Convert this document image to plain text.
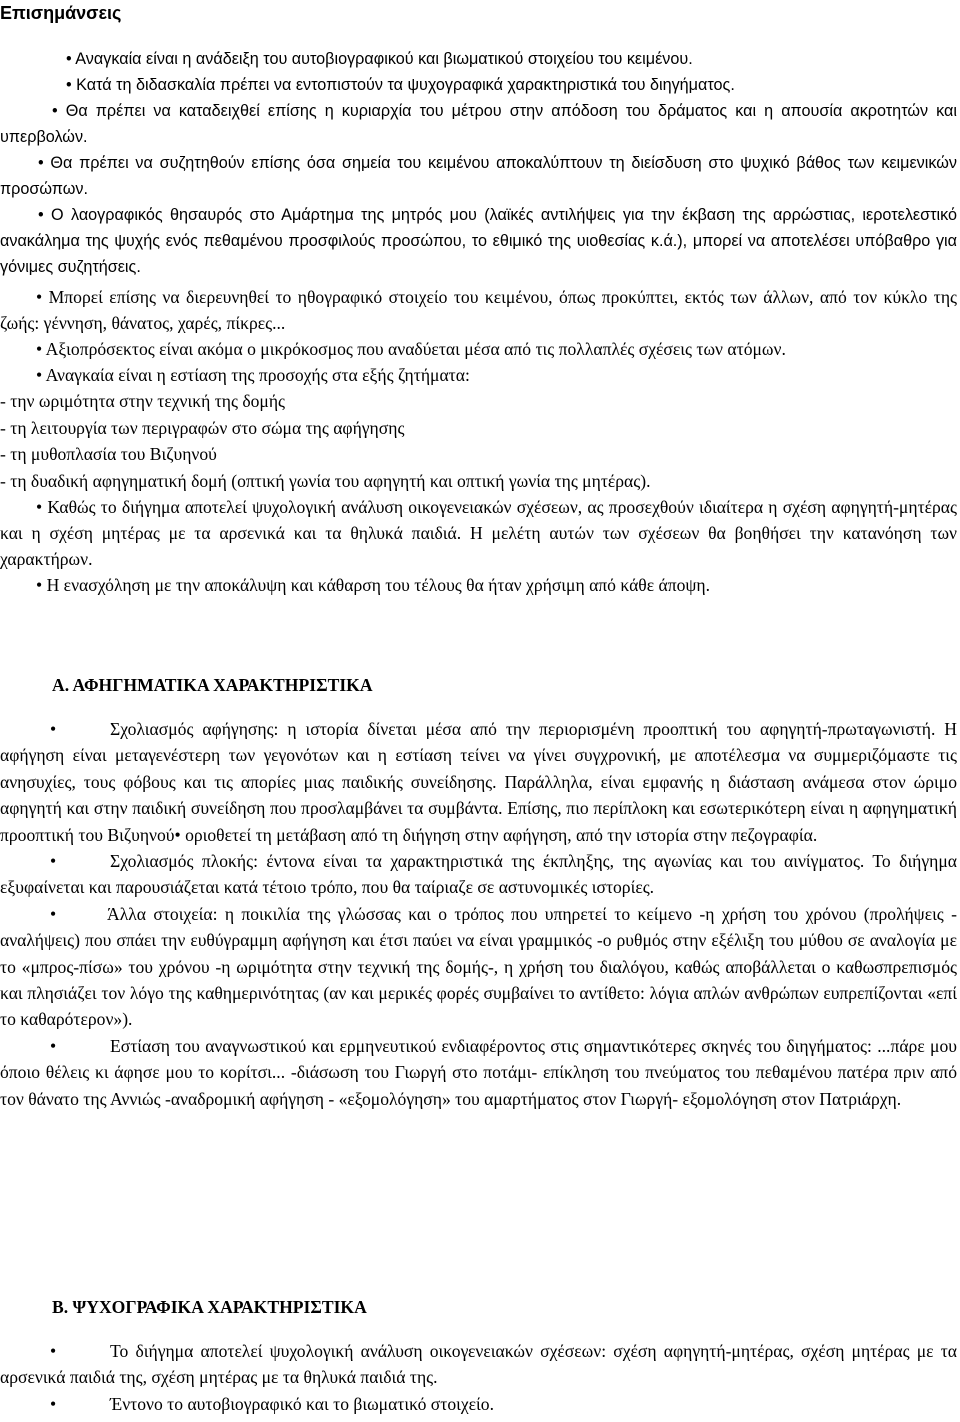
Επισημάνσεις

• Αναγκαία είναι η ανάδειξη του αυτοβιογραφικού και βιωματικού στοιχείου του κειμένου.

• Κατά τη διδασκαλία πρέπει να εντοπιστούν τα ψυχογραφικά χαρακτηριστικά του διηγήματος.

• Θα πρέπει να καταδειχθεί επίσης η κυριαρχία του μέτρου στην απόδοση του δράματος και η απουσία ακροτητών και υπερβολών.

• Θα πρέπει να συζητηθούν επίσης όσα σημεία του κειμένου αποκαλύπτουν τη διείσδυση στο ψυχικό βάθος των κειμενικών προσώπων.

• Ο λαογραφικός θησαυρός στο Αμάρτημα της μητρός μου (λαϊκές αντιλήψεις για την έκβαση της αρρώστιας, ιεροτελεστικό ανακάλημα της ψυχής ενός πεθαμένου προσφιλούς προσώπου, το εθιμικό της υιοθεσίας κ.ά.), μπορεί να αποτελέσει υπόβαθρο για γόνιμες συζητήσεις.

• Μπορεί επίσης να διερευνηθεί το ηθογραφικό στοιχείο του κειμένου, όπως προκύπτει, εκτός των άλλων, από τον κύκλο της ζωής: γέννηση, θάνατος, χαρές, πίκρες...

• Αξιοπρόσεκτος είναι ακόμα ο μικρόκοσμος που αναδύεται μέσα από τις πολλαπλές σχέσεις των ατόμων.

• Αναγκαία είναι η εστίαση της προσοχής στα εξής ζητήματα:

- την ωριμότητα στην τεχνική της δομής

- τη λειτουργία των περιγραφών στο σώμα της αφήγησης

- τη μυθοπλασία του Βιζυηνού

- τη δυαδική αφηγηματική δομή (οπτική γωνία του αφηγητή και οπτική γωνία της μητέρας).

• Καθώς το διήγημα αποτελεί ψυχολογική ανάλυση οικογενειακών σχέσεων, ας προσεχθούν ιδιαίτερα η σχέση αφηγητή-μητέρας και η σχέση μητέρας με τα αρσενικά και τα θηλυκά παιδιά. Η μελέτη αυτών των σχέσεων θα βοηθήσει την κατανόηση των χαρακτήρων.

• Η ενασχόληση με την αποκάλυψη και κάθαρση του τέλους θα ήταν χρήσιμη από κάθε άποψη.

Α. ΑΦΗΓΗΜΑΤΙΚΑ ΧΑΡΑΚΤΗΡΙΣΤΙΚΑ

•	Σχολιασμός αφήγησης: η ιστορία δίνεται μέσα από την περιορισμένη προοπτική του αφηγητή-πρωταγωνιστή. Η αφήγηση είναι μεταγενέστερη των γεγονότων και η εστίαση τείνει να γίνει συγχρονική, με αποτέλεσμα να συμμεριζόμαστε τις ανησυχίες, τους φόβους και τις απορίες μιας παιδικής συνείδησης. Παράλληλα, είναι εμφανής η διάσταση ανάμεσα στον ώριμο αφηγητή και στην παιδική συνείδηση που προσλαμβάνει τα συμβάντα. Επίσης, πιο περίπλοκη και εσωτερικότερη είναι η αφηγηματική προοπτική του Βιζυηνού• οριοθετεί τη μετάβαση από τη διήγηση στην αφήγηση, από την ιστορία στην πεζογραφία.

•	Σχολιασμός πλοκής: έντονα είναι τα χαρακτηριστικά της έκπληξης, της αγωνίας και του αινίγματος. Το διήγημα εξυφαίνεται και παρουσιάζεται κατά τέτοιο τρόπο, που θα ταίριαζε σε αστυνομικές ιστορίες.

•	Άλλα στοιχεία: η ποικιλία της γλώσσας και ο τρόπος που υπηρετεί το κείμενο -η χρήση του χρόνου (προλήψεις - αναλήψεις) που σπάει την ευθύγραμμη αφήγηση και έτσι παύει να είναι γραμμικός -ο ρυθμός στην εξέλιξη του μύθου σε αναλογία με το «μπρος-πίσω» του χρόνου -η ωριμότητα στην τεχνική της δομής-, η χρήση του διαλόγου, καθώς αποβάλλεται ο καθωσπρεπισμός και πλησιάζει τον λόγο της καθημερινότητας (αν και μερικές φορές συμβαίνει το αντίθετο: λόγια απλών ανθρώπων ευπρεπίζονται «επί το καθαρότερον»).

•	Εστίαση του αναγνωστικού και ερμηνευτικού ενδιαφέροντος στις σημαντικότερες σκηνές του διηγήματος: ...πάρε μου όποιο θέλεις κι άφησε μου το κορίτσι... -διάσωση του Γιωργή στο ποτάμι- επίκληση του πνεύματος του πεθαμένου πατέρα πριν από τον θάνατο της Αννιώς -αναδρομική αφήγηση - «εξομολόγηση» του αμαρτήματος στον Γιωργή- εξομολόγηση στον Πατριάρχη.

Β. ΨΥΧΟΓΡΑΦΙΚΑ ΧΑΡΑΚΤΗΡΙΣΤΙΚΑ

•	Το διήγημα αποτελεί ψυχολογική ανάλυση οικογενειακών σχέσεων: σχέση αφηγητή-μητέρας, σχέση μητέρας με τα αρσενικά παιδιά της, σχέση μητέρας με τα θηλυκά παιδιά της.

•	Έντονο το αυτοβιογραφικό και το βιωματικό στοιχείο.
